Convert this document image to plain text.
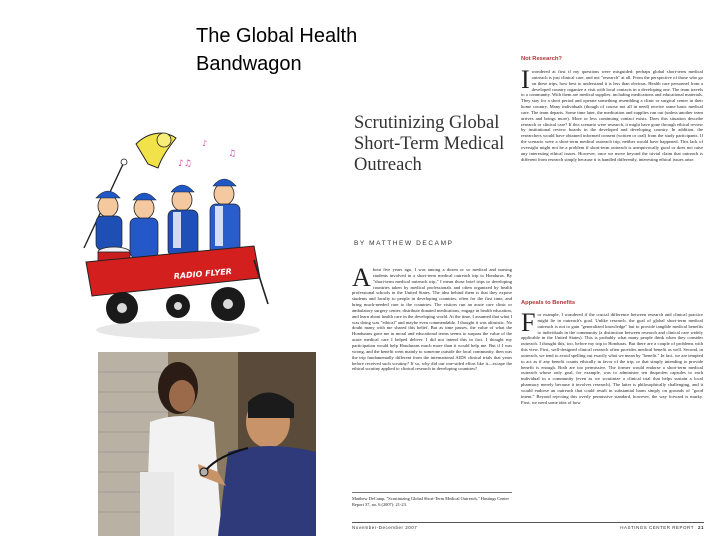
The Global Health
Bandwagon
♪♫
♫
♪
RADIO FLYER
Scrutinizing Global
Short-Term Medical
Outreach
BY MATTHEW DECAMP
About five years ago, I was among a dozen or so medical and nursing students involved in a short-term medical outreach trip to Honduras. By "short-term medical outreach trip," I mean those brief trips to developing countries taken by medical professionals and often organized by health professional schools in the United States. The idea behind them is that they expose students and faculty to people in developing countries, often for the first time, and bring much-needed care to the countries. The visitors run an acute care clinic or ambulatory surgery center, distribute donated medications, engage in health education, and learn about health care in the developing world. At the time, I assumed that what I was doing was "ethical" and maybe even commendable. I thought it was altruistic. No doubt many with me shared this belief. But as time passes, the value of what the Hondurans gave me in moral and educational terms seems to surpass the value of the acute medical care I helped deliver. I did not intend this in fact. I thought my participation would help Hondurans much more than it would help me. But if I was wrong, and the benefit went mainly to someone outside the local community, then was the trip fundamentally different from the international AIDS clinical trials that years before received such scrutiny? If so, why did our one-sided effort like it—escape the ethical scrutiny applied to clinical research in developing countries?
Matthew DeCamp, "Scrutinizing Global Short-Term Medical Outreach," Hastings Center Report 37, no. 6 (2007): 21-23.
Not Research?
Iwondered at first if my questions were misguided: perhaps global short-term medical outreach is just clinical care, and not "research" at all. From the perspective of those who go on these trips, how best to understand it is less than obvious. Health care personnel from a developed country organize a visit with local contacts in a developing one. The team travels to a community. With them are medical supplies, including medications and educational materials. They stay for a short period and operate something resembling a clinic or surgical center in their home country. Many individuals (though of course not all in need) receive some basic medical care. The team departs. Some time later, the medication and supplies run out (unless another team arrives and brings more). More or less continuing contact exists. Does this situation describe research or clinical care? If this scenario were research, it might have gone through ethical review by institutional review boards in the developed and developing country. In addition, the researchers would have obtained informed consent (written or oral) from the study participants. If the scenario were a short-term medical outreach trip, neither would have happened. This lack of oversight might not be a problem if short-term outreach is unequivocally good or does not raise any interesting ethical issues. However, once we move beyond the trivial claim that outreach is different from research simply because it is handled differently, interesting ethical issues arise.
Appeals to Benefits
For example, I wondered if the crucial difference between research and clinical practice might lie in outreach's goal. Unlike research, the goal of global short-term medical outreach is not to gain "generalized knowledge" but to provide tangible medical benefits to individuals in the community (a distinction between research and clinical care widely applicable in the United States). This is probably what many people think when they consider outreach. I thought this, too, before my trip to Honduras. But there are a couple of problems with this view. First, well-designed clinical research often provides medical benefit as well. Second, in outreach, we tend to avoid spelling out exactly what we mean by "benefit." In fact, we are tempted to act as if any benefit counts ethically in favor of the trip, or that simply intending to provide benefit is enough. Both are too permissive. The former would endorse a short-term medical outreach whose only goal, for example, was to administer ten ibuprofen capsules to each individual in a community (even as we scrutinize a clinical trial that helps sustain a local pharmacy merely because it involves research). The latter is philosophically challenging, and it would endorse an outreach that could result in substantial harm simply on grounds of "good intent." Beyond rejecting this overly permissive standard, however, the way forward is murky. First, we need some idea of how
November-December 2007	HASTINGS CENTER REPORT 21
